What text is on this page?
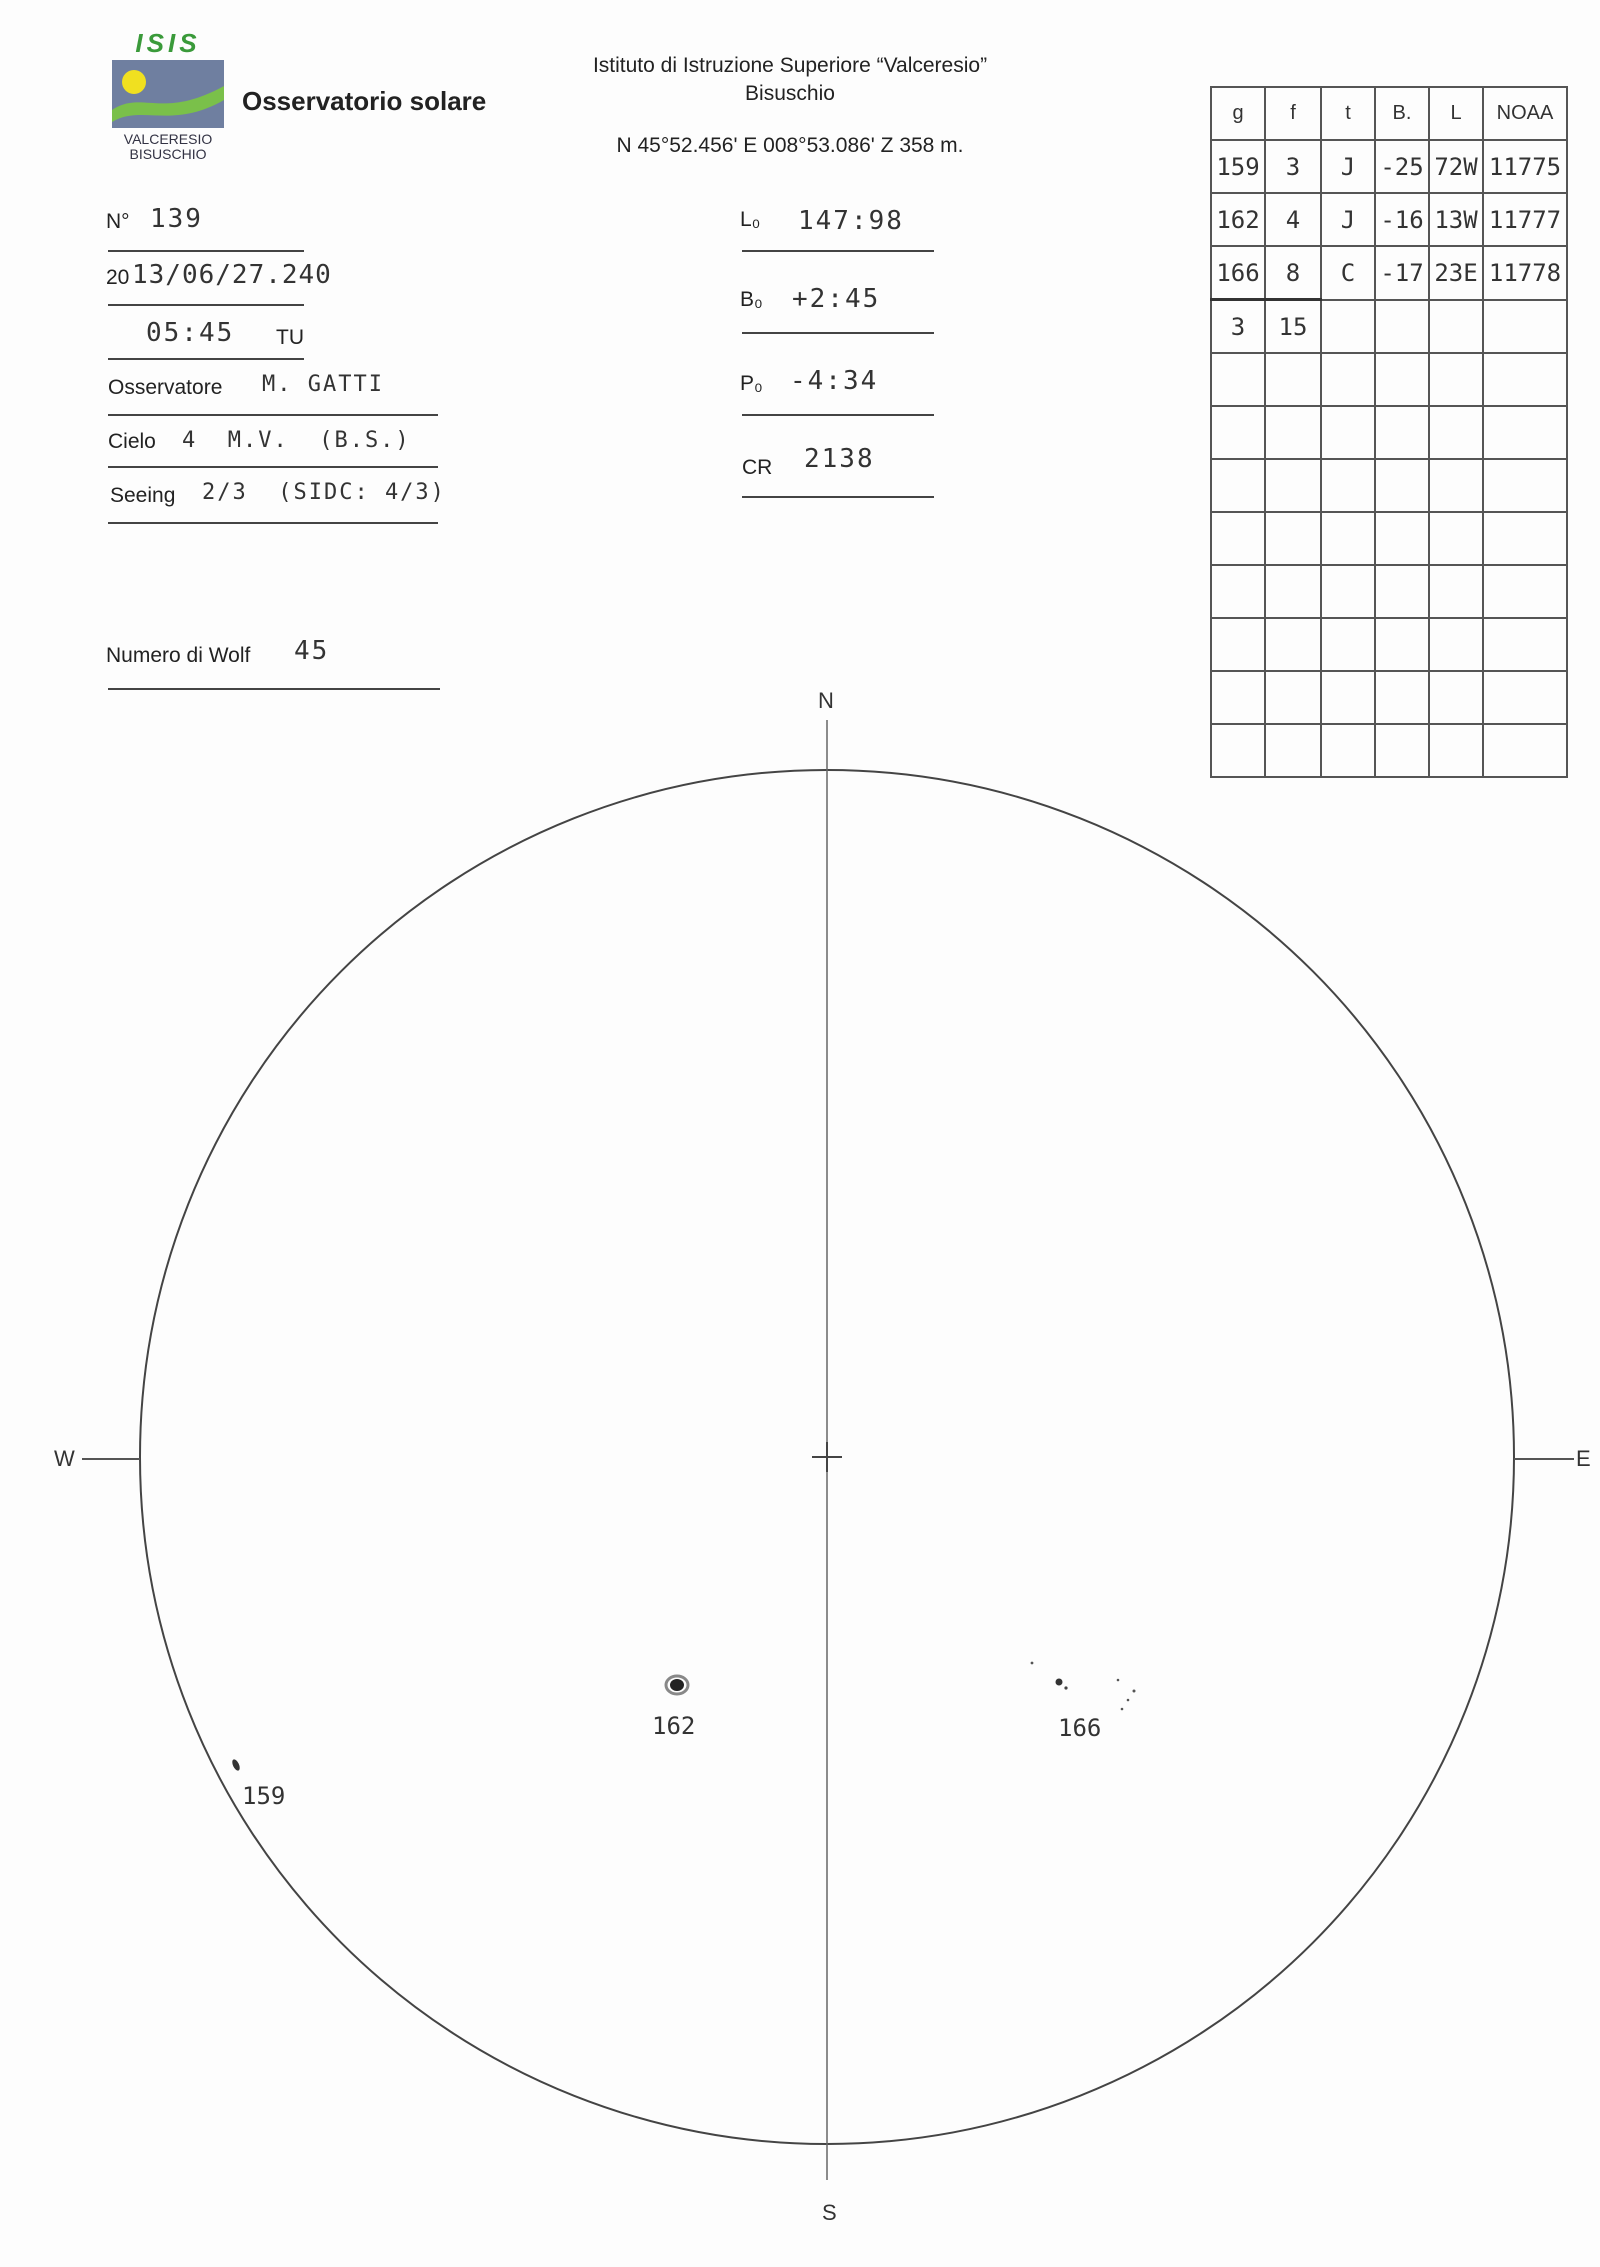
ISIS
VALCERESIO
BISUSCHIO
Osservatorio solare
Istituto di Istruzione Superiore “Valceresio”
Bisuschio
N 45°52.456' E 008°53.086' Z 358 m.
N° 139
20 13/06/27.240
05:45 TU
Osservatore M. GATTI
Cielo 4  M.V.  (B.S.)
Seeing 2/3  (SIDC: 4/3)
Numero di Wolf 45
L₀ 147:98
B₀ +2:45
P₀ -4:34
CR 2138
g	f	t	B.	L	NOAA
159	3	J	-25	72W	11775
162	4	J	-16	13W	11777
166	8	C	-17	23E	11778
3	15				

N
S
E
W
159
162	166
